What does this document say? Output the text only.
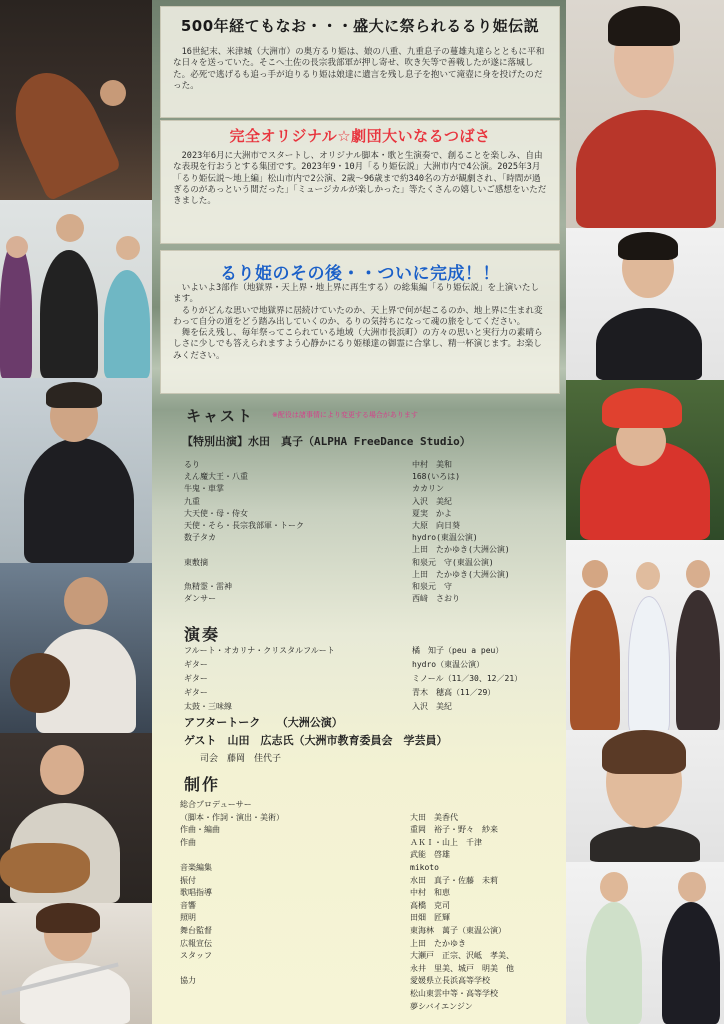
500年経てもなお・・・盛大に祭られるるり姫伝説
　16世紀末、米津城（大洲市）の奥方るり姫は、娘の八重、九重息子の蔓雄丸達らとともに平和な日々を送っていた。そこへ土佐の長宗我部軍が押し寄せ、吹き矢等で善戦したが遂に落城した。必死で逃げるも追っ手が迫りるり姫は娘達に遺言を残し息子を抱いて滝壺に身を投げたのだった。
完全オリジナル☆劇団大いなるつばさ
　2023年6月に大洲市でスタートし、オリジナル脚本・歌と生演奏で、創ることを楽しみ、自由な表現を行おうとする集団です。2023年9・10月「るり姫伝説」大洲市内で4公演。2025年3月「るり姫伝説〜地上編」松山市内で2公演、2歳〜96歳まで約340名の方が観劇され、「時間が過ぎるのがあっという間だった」「ミュージカルが楽しかった」等たくさんの嬉しいご感想をいただきました。
るり姫のその後・・ついに完成！！
　いよいよ3部作（地獄界・天上界・地上界に再生する）の総集編「るり姫伝説」を上演いたします。
　るりがどんな思いで地獄界に居続けていたのか、天上界で何が起こるのか、地上界に生まれ変わって自分の道をどう踏み出していくのか、るりの気持ちになって魂の旅をしてください。
　舞を伝え残し、毎年祭ってこられている地域（大洲市長浜町）の方々の思いと実行力の素晴らしさに少しでも答えられますよう心静かにるり姫様達の御霊に合掌し、精一杯演じます。お楽しみください。
キャスト	※配役は諸事情により変更する場合があります
【特別出演】水田　真子（ALPHA FreeDance Studio）
るり	中村　美和
えん魔大王・八重	168(いろは)
牛鬼・車掌	カカリン
九重	入沢　美紀
大天使・母・侍女	夏実　かよ
天使・そら・長宗我部軍・トーク	大原　向日葵
数子タカ	hydro(東温公演)
上田　たかゆき(大洲公演)
東敷摘	和泉元　守(東温公演)
上田　たかゆき(大洲公演)
魚精霊・雷神	和泉元　守
ダンサー	西﨑　さおり
演奏
フルート・オカリナ・クリスタルフルート	橘　知子（peu a peu）
ギター	hydro（東温公演）
ギター	ミノール（11／30、12／21）
ギター	青木　穂高（11／29）
太鼓・三味線	入沢　美紀
アフタートーク　　（大洲公演）
ゲスト　山田　広志氏（大洲市教育委員会　学芸員）
司会　藤岡　佳代子
制作
総合プロデューサー
（脚本・作詞・演出・美術）	大田　美香代
作曲・編曲	重岡　裕子・野々　紗来
作曲	ＡＫＩ・山上　千津
武能　啓雄
音楽編集	mikoto
振付	水田　真子・佐藤　未莉
歌唱指導	中村　和恵
音響	高橋　克司
照明	田畑　匠輝
舞台監督	東海林　萬子（東温公演）
広報宣伝	上田　たかゆき
スタッフ	大瀬戸　正宗、沢岻　孝美、
永井　里美、城戸　明美　他
協力	愛媛県立長浜高等学校
松山東雲中等・高等学校
夢シバイエンジン
